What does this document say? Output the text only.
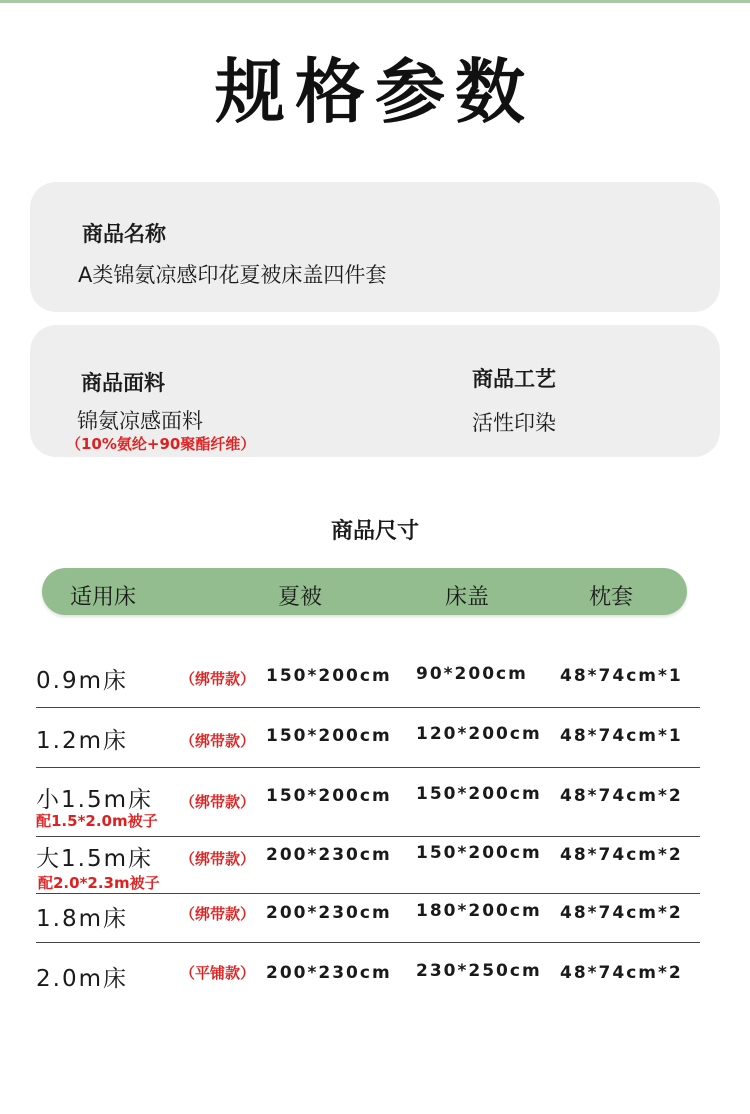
规格参数
商品名称
A类锦氨凉感印花夏被床盖四件套
商品面料
锦氨凉感面料
（10%氨纶+90聚酯纤维）
商品工艺
活性印染
商品尺寸
适用床	夏被	床盖	枕套
0.9m床	（绑带款） 150*200cm 90*200cm 48*74cm*1
1.2m床	（绑带款） 150*200cm 120*200cm 48*74cm*1
小1.5m床 （绑带款） 150*200cm 150*200cm 48*74cm*2
配1.5*2.0m被子
大1.5m床 （绑带款） 200*230cm 150*200cm 48*74cm*2
配2.0*2.3m被子
1.8m床	（绑带款） 200*230cm 180*200cm 48*74cm*2
2.0m床	（平铺款） 200*230cm 230*250cm 48*74cm*2
